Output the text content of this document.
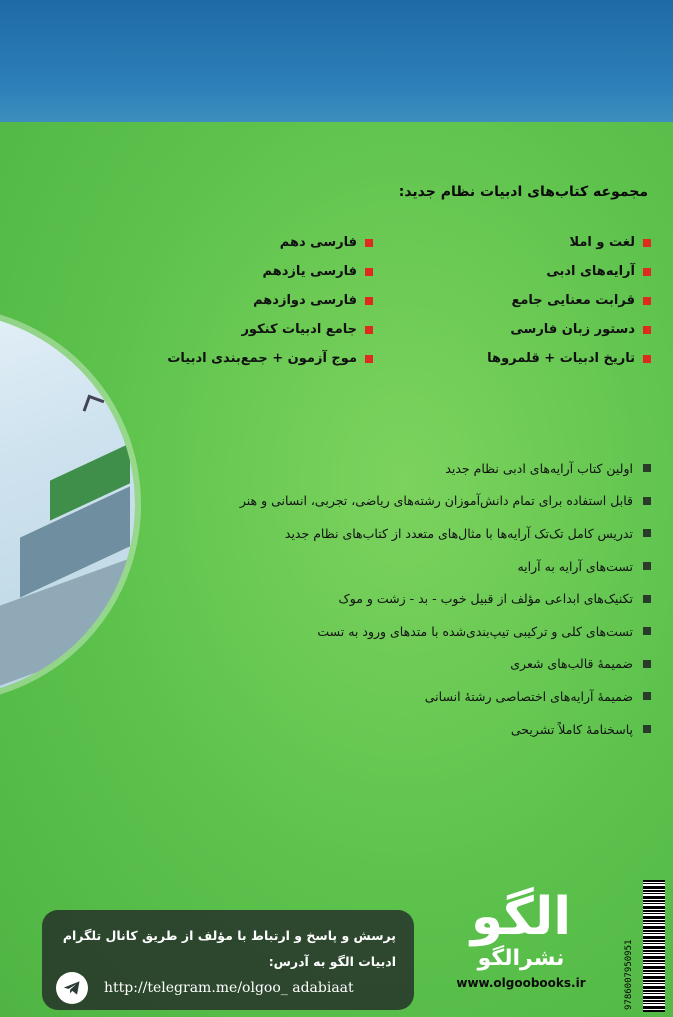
مجموعه کتاب‌های ادبیات نظام جدید:
لغت و املا
آرایه‌های ادبی
قرابت معنایی جامع
دستور زبان فارسی
تاریخ ادبیات + قلمروها
فارسی دهم
فارسی یازدهم
فارسی دوازدهم
جامع ادبیات کنکور
موج آزمون + جمع‌بندی ادبیات
اولین کتاب آرایه‌های ادبی نظام جدید
قابل استفاده برای تمام دانش‌آموزان رشته‌های ریاضی، تجربی، انسانی و هنر
تدریس کامل تک‌تک آرایه‌ها با مثال‌های متعدد از کتاب‌های نظام جدید
تست‌های آرایه به آرایه
تکنیک‌های ابداعی مؤلف از قبیل خوب - بد - زشت و موک
تست‌های کلی و ترکیبی تیپ‌بندی‌شده با متدهای ورود به تست
ضمیمهٔ قالب‌های شعری
ضمیمهٔ آرایه‌های اختصاصی رشتهٔ انسانی
پاسخنامهٔ کاملاً تشریحی
پرسش و پاسخ و ارتباط با مؤلف از طریق کانال تلگرام
ادبیات الگو به آدرس:
http://telegram.me/olgoo_ adabiaat
الگو
نشرالگو
www.olgoobooks.ir	9786007950951
